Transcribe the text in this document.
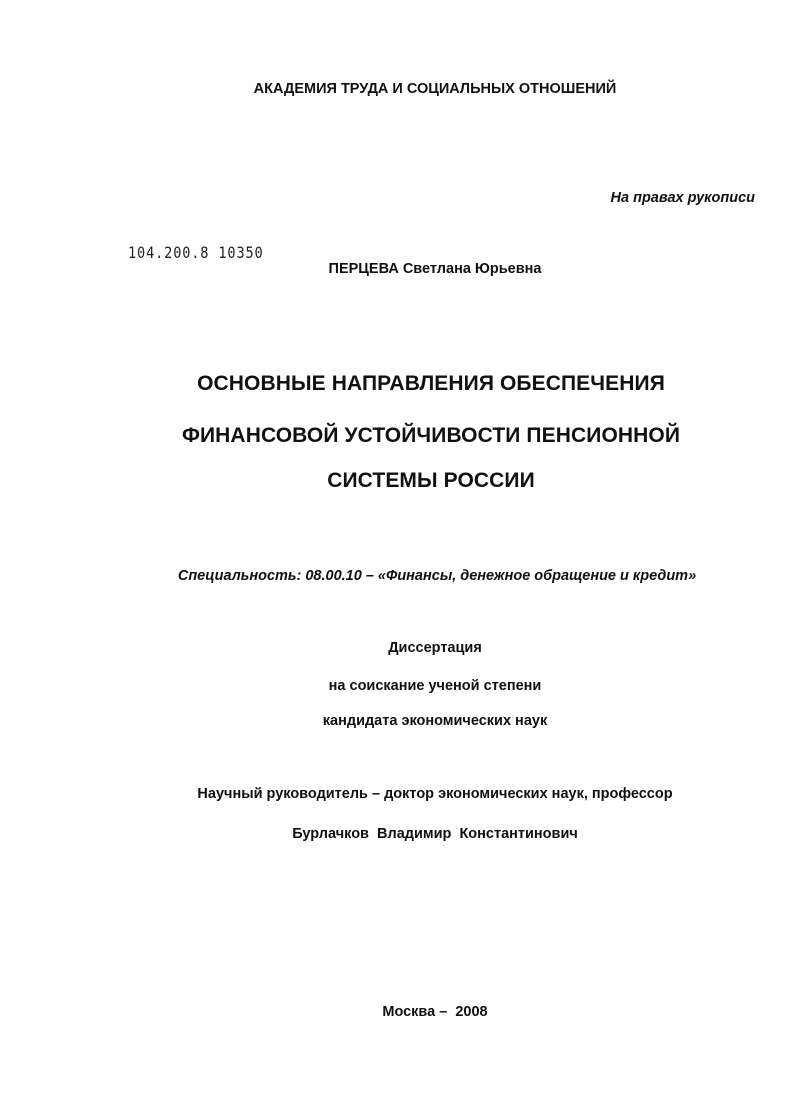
АКАДЕМИЯ ТРУДА И СОЦИАЛЬНЫХ ОТНОШЕНИЙ
На правах рукописи
104.200.8 10350
ПЕРЦЕВА Светлана Юрьевна
ОСНОВНЫЕ НАПРАВЛЕНИЯ ОБЕСПЕЧЕНИЯ
ФИНАНСОВОЙ УСТОЙЧИВОСТИ ПЕНСИОННОЙ
СИСТЕМЫ РОССИИ
Специальность: 08.00.10 – «Финансы, денежное обращение и кредит»
Диссертация
на соискание ученой степени
кандидата экономических наук
Научный руководитель – доктор экономических наук, профессор
Бурлачков  Владимир  Константинович
Москва –  2008
